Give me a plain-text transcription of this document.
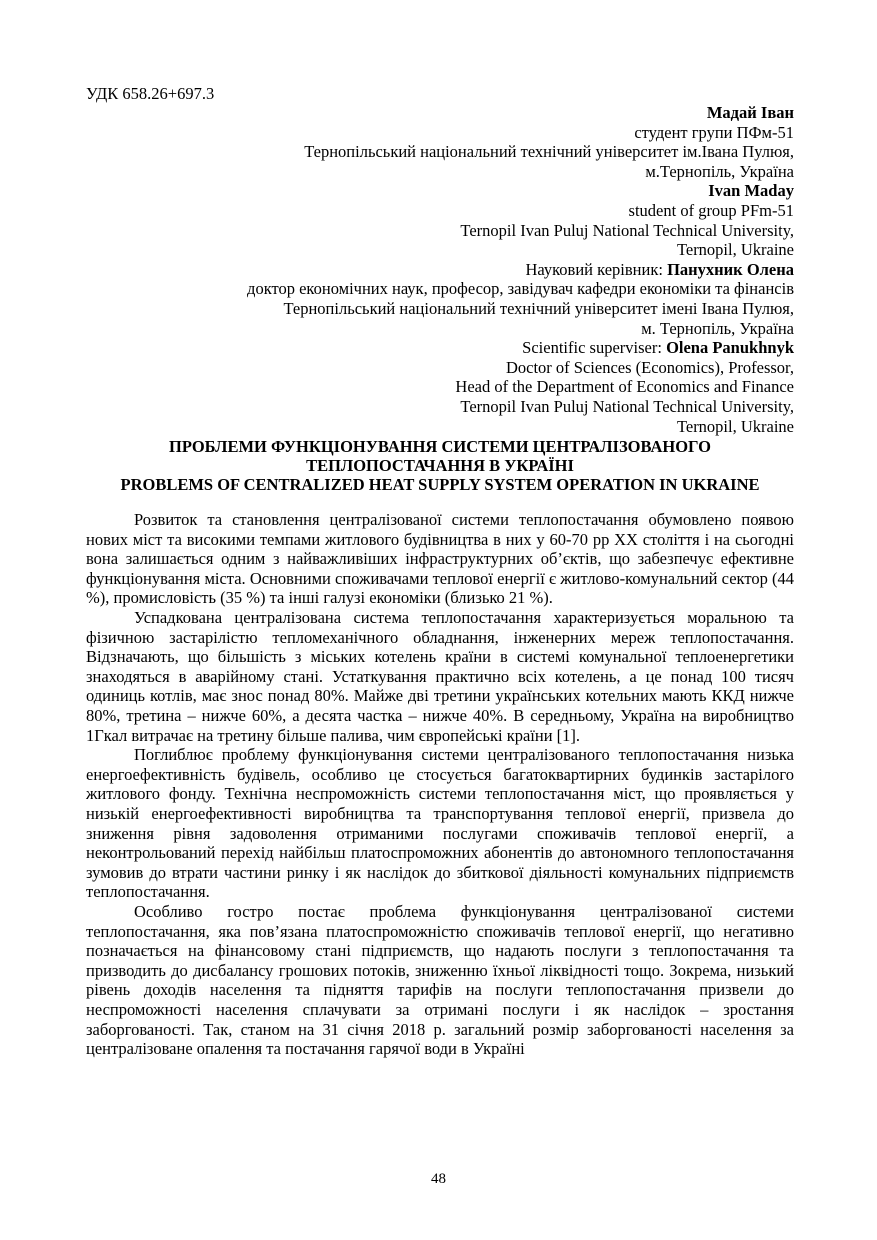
УДК 658.26+697.3
Мадай Іван
студент групи ПФм-51
Тернопільський національний технічний університет ім.Івана Пулюя,
м.Тернопіль, Україна
Ivan Maday
student of group PFm-51
Ternopil Ivan Puluj National Technical University,
Ternopil, Ukraine
Науковий керівник: Панухник Олена
доктор економічних наук, професор, завідувач кафедри економіки та фінансів
Тернопільський національний технічний університет імені Івана Пулюя,
м. Тернопіль, Україна
Scientific superviser: Olena Panukhnyk
Doctor of Sciences (Economics), Professor,
Head of the Department of Economics and Finance
Ternopil Ivan Puluj National Technical University,
Ternopil, Ukraine
ПРОБЛЕМИ ФУНКЦІОНУВАННЯ СИСТЕМИ ЦЕНТРАЛІЗОВАНОГО
ТЕПЛОПОСТАЧАННЯ В УКРАЇНІ
PROBLEMS OF CENTRALIZED HEAT SUPPLY SYSTEM OPERATION IN UKRAINE

Розвиток та становлення централізованої системи теплопостачання обумовлено появою нових міст та високими темпами житлового будівництва в них у 60-70 рр XX століття і на сьогодні вона залишається одним з найважливіших інфраструктурних об’єктів, що забезпечує ефективне функціонування міста. Основними споживачами теплової енергії є житлово-комунальний сектор (44 %), промисловість (35 %) та інші галузі економіки (близько 21 %).

Успадкована централізована система теплопостачання характеризується моральною та фізичною застарілістю тепломеханічного обладнання, інженерних мереж теплопостачання. Відзначають, що більшість з міських котелень країни в системі комунальної теплоенергетики знаходяться в аварійному стані. Устаткування практично всіх котелень, а це понад 100 тисяч одиниць котлів, має знос понад 80%. Майже дві третини українських котельних мають ККД нижче 80%, третина – нижче 60%, а десята частка – нижче 40%. В середньому, Україна на виробництво 1Гкал витрачає на третину більше палива, чим європейські країни [1].

Поглиблює проблему функціонування системи централізованого теплопостачання низька енергоефективність будівель, особливо це стосується багатоквартирних будинків застарілого житлового фонду. Технічна неспроможність системи теплопостачання міст, що проявляється у низькій енергоефективності виробництва та транспортування теплової енергії, призвела до зниження рівня задоволення отриманими послугами споживачів теплової енергії, а неконтрольований перехід найбільш платоспроможних абонентів до автономного теплопостачання зумовив до втрати частини ринку і як наслідок до збиткової діяльності комунальних підприємств теплопостачання.

Особливо гостро постає проблема функціонування централізованої системи теплопостачання, яка пов’язана платоспроможністю споживачів теплової енергії, що негативно позначається на фінансовому стані підприємств, що надають послуги з теплопостачання та призводить до дисбалансу грошових потоків, зниженню їхньої ліквідності тощо. Зокрема, низький рівень доходів населення та підняття тарифів на послуги теплопостачання призвели до неспроможності населення сплачувати за отримані послуги і як наслідок – зростання заборгованості. Так, станом на 31 січня 2018 р. загальний розмір заборгованості населення за централізоване опалення та постачання гарячої води в Україні

48
